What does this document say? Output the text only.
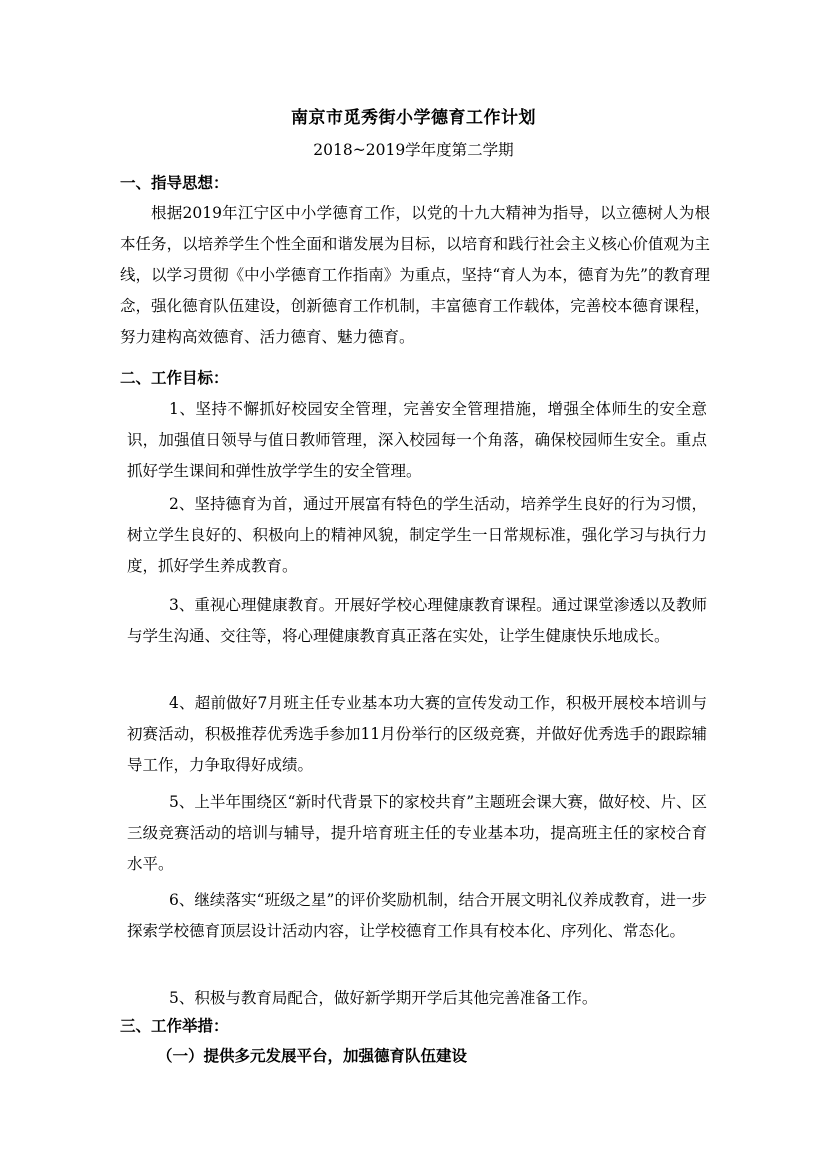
南京市觅秀街小学德育工作计划
2018~2019学年度第二学期
一、指导思想：
根据2019年江宁区中小学德育工作，以党的十九大精神为指导，以立德树人为根本任务，以培养学生个性全面和谐发展为目标，以培育和践行社会主义核心价值观为主线，以学习贯彻《中小学德育工作指南》为重点，坚持“育人为本，德育为先”的教育理念，强化德育队伍建设，创新德育工作机制，丰富德育工作载体，完善校本德育课程，努力建构高效德育、活力德育、魅力德育。
二、工作目标：
1、坚持不懈抓好校园安全管理，完善安全管理措施，增强全体师生的安全意识，加强值日领导与值日教师管理，深入校园每一个角落，确保校园师生安全。重点抓好学生课间和弹性放学学生的安全管理。
2、坚持德育为首，通过开展富有特色的学生活动，培养学生良好的行为习惯，树立学生良好的、积极向上的精神风貌，制定学生一日常规标准，强化学习与执行力度，抓好学生养成教育。
3、重视心理健康教育。开展好学校心理健康教育课程。通过课堂渗透以及教师与学生沟通、交往等，将心理健康教育真正落在实处，让学生健康快乐地成长。
4、超前做好7月班主任专业基本功大赛的宣传发动工作，积极开展校本培训与初赛活动，积极推荐优秀选手参加11月份举行的区级竞赛，并做好优秀选手的跟踪辅导工作，力争取得好成绩。
5、上半年围绕区“新时代背景下的家校共育”主题班会课大赛，做好校、片、区三级竞赛活动的培训与辅导，提升培育班主任的专业基本功，提高班主任的家校合育水平。
6、继续落实“班级之星”的评价奖励机制，结合开展文明礼仪养成教育，进一步探索学校德育顶层设计活动内容，让学校德育工作具有校本化、序列化、常态化。
5、积极与教育局配合，做好新学期开学后其他完善准备工作。
三、工作举措：
（一）提供多元发展平台，加强德育队伍建设
